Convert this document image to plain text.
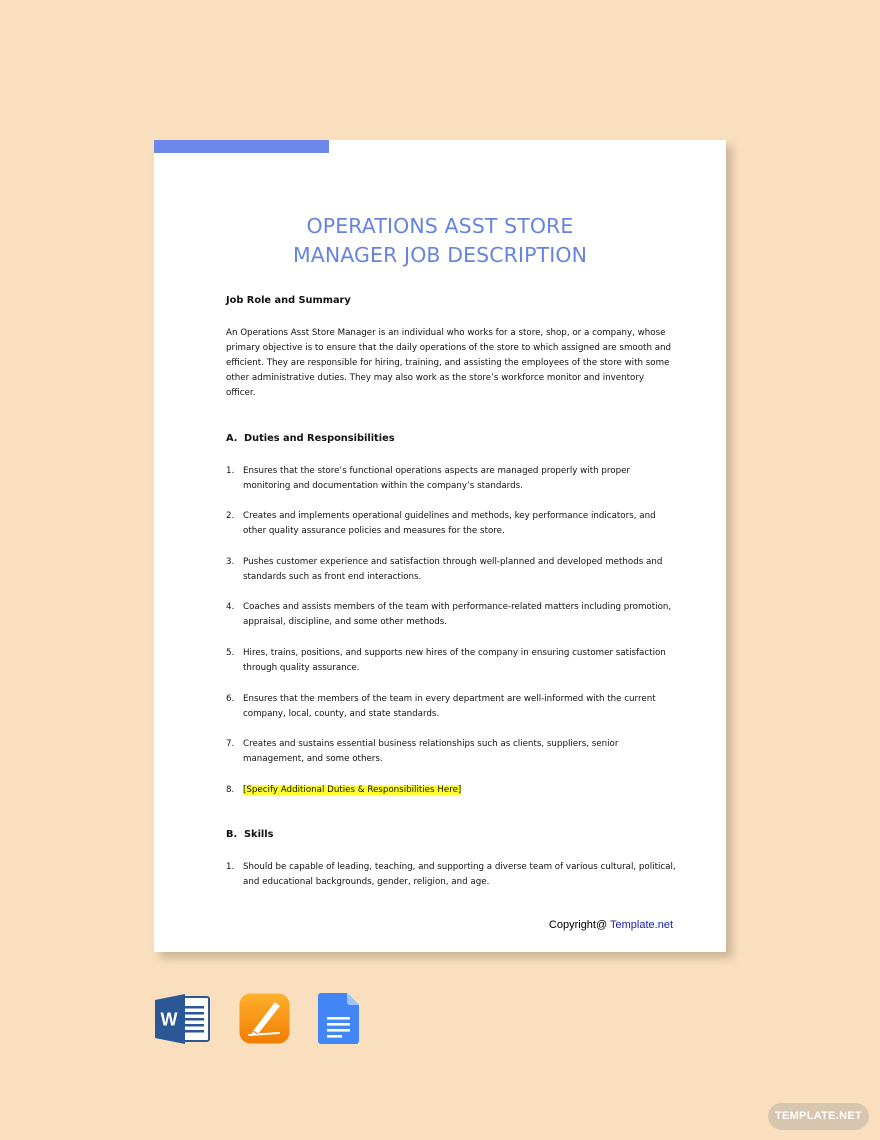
OPERATIONS ASST STORE
MANAGER JOB DESCRIPTION
Job Role and Summary
An Operations Asst Store Manager is an individual who works for a store, shop, or a company, whose primary objective is to ensure that the daily operations of the store to which assigned are smooth and efficient. They are responsible for hiring, training, and assisting the employees of the store with some other administrative duties. They may also work as the store’s workforce monitor and inventory officer.
A. Duties and Responsibilities
1. Ensures that the store’s functional operations aspects are managed properly with proper monitoring and documentation within the company’s standards.
2. Creates and implements operational guidelines and methods, key performance indicators, and other quality assurance policies and measures for the store.
3. Pushes customer experience and satisfaction through well-planned and developed methods and standards such as front end interactions.
4. Coaches and assists members of the team with performance-related matters including promotion, appraisal, discipline, and some other methods.
5. Hires, trains, positions, and supports new hires of the company in ensuring customer satisfaction through quality assurance.
6. Ensures that the members of the team in every department are well-informed with the current company, local, county, and state standards.
7. Creates and sustains essential business relationships such as clients, suppliers, senior management, and some others.
8. [Specify Additional Duties & Responsibilities Here]
B. Skills
1. Should be capable of leading, teaching, and supporting a diverse team of various cultural, political, and educational backgrounds, gender, religion, and age.
Copyright@ Template.net
W
TEMPLATE.NET
